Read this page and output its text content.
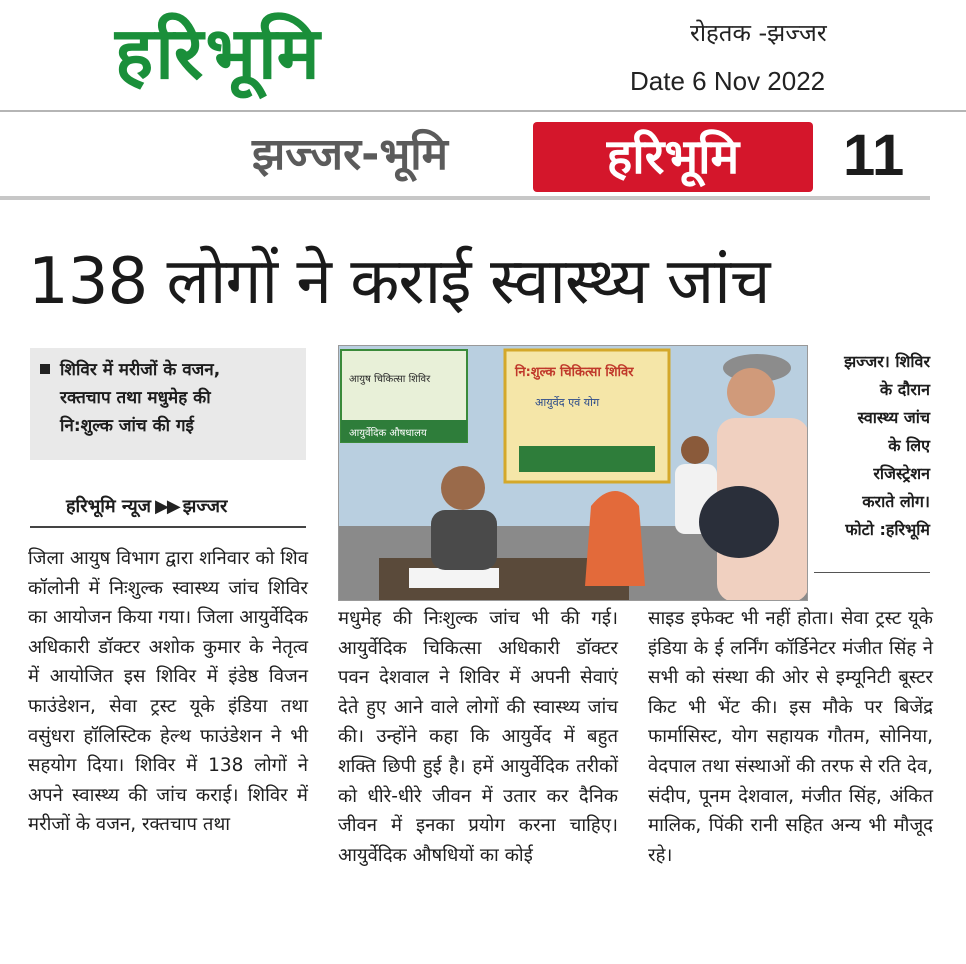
हरिभूमि	रोहतक -झज्जर
Date 6 Nov 2022
झज्जर-भूमि	हरिभूमि	11
138 लोगों ने कराई स्वास्थ्य जांच
शिविर में मरीजों के वजन,
रक्तचाप तथा मधुमेह की
नि:शुल्क जांच की गई
हरिभूमि न्यूज ▶▶ झज्जर
जिला आयुष विभाग द्वारा शनिवार को शिव कॉलोनी में निःशुल्क स्वास्थ्य जांच शिविर का आयोजन किया गया। जिला आयुर्वेदिक अधिकारी डॉक्टर अशोक कुमार के नेतृत्व में आयोजित इस शिविर में इंडेष्ठ विजन फाउंडेशन, सेवा ट्रस्ट यूके इंडिया तथा वसुंधरा हॉलिस्टिक हेल्थ फाउंडेशन ने भी सहयोग दिया। शिविर में 138 लोगों ने अपने स्वास्थ्य की जांच कराई। शिविर में मरीजों के वजन, रक्तचाप तथा
मधुमेह की निःशुल्क जांच भी की गई।आयुर्वेदिक चिकित्सा अधिकारी डॉक्टर पवन देशवाल ने शिविर में अपनी सेवाएं देते हुए आने वाले लोगों की स्वास्थ्य जांच की। उन्होंने कहा कि आयुर्वेद में बहुत शक्ति छिपी हुई है। हमें आयुर्वेदिक तरीकों को धीरे-धीरे जीवन में उतार कर दैनिक जीवन में इनका प्रयोग करना चाहिए। आयुर्वेदिक औषधियों का कोई
साइड इफेक्ट भी नहीं होता। सेवा ट्रस्ट यूके इंडिया के ई लर्निंग कॉर्डिनेटर मंजीत सिंह ने सभी को संस्था की ओर से इम्यूनिटी बूस्टर किट भी भेंट की। इस मौके पर बिजेंद्र फार्मासिस्ट, योग सहायक गौतम, सोनिया, वेदपाल तथा संस्थाओं की तरफ से रति देव, संदीप, पूनम देशवाल, मंजीत सिंह, अंकित मालिक, पिंकी रानी सहित अन्य भी मौजूद रहे।
आयुष चिकित्सा शिविर
आयुर्वेदिक औषधालय
नि:शुल्क चिकित्सा शिविर
आयुर्वेद एवं योग
झज्जर। शिविर
के दौरान
स्वास्थ्य जांच
के लिए
रजिस्ट्रेशन
कराते लोग।
फोटो :हरिभूमि
